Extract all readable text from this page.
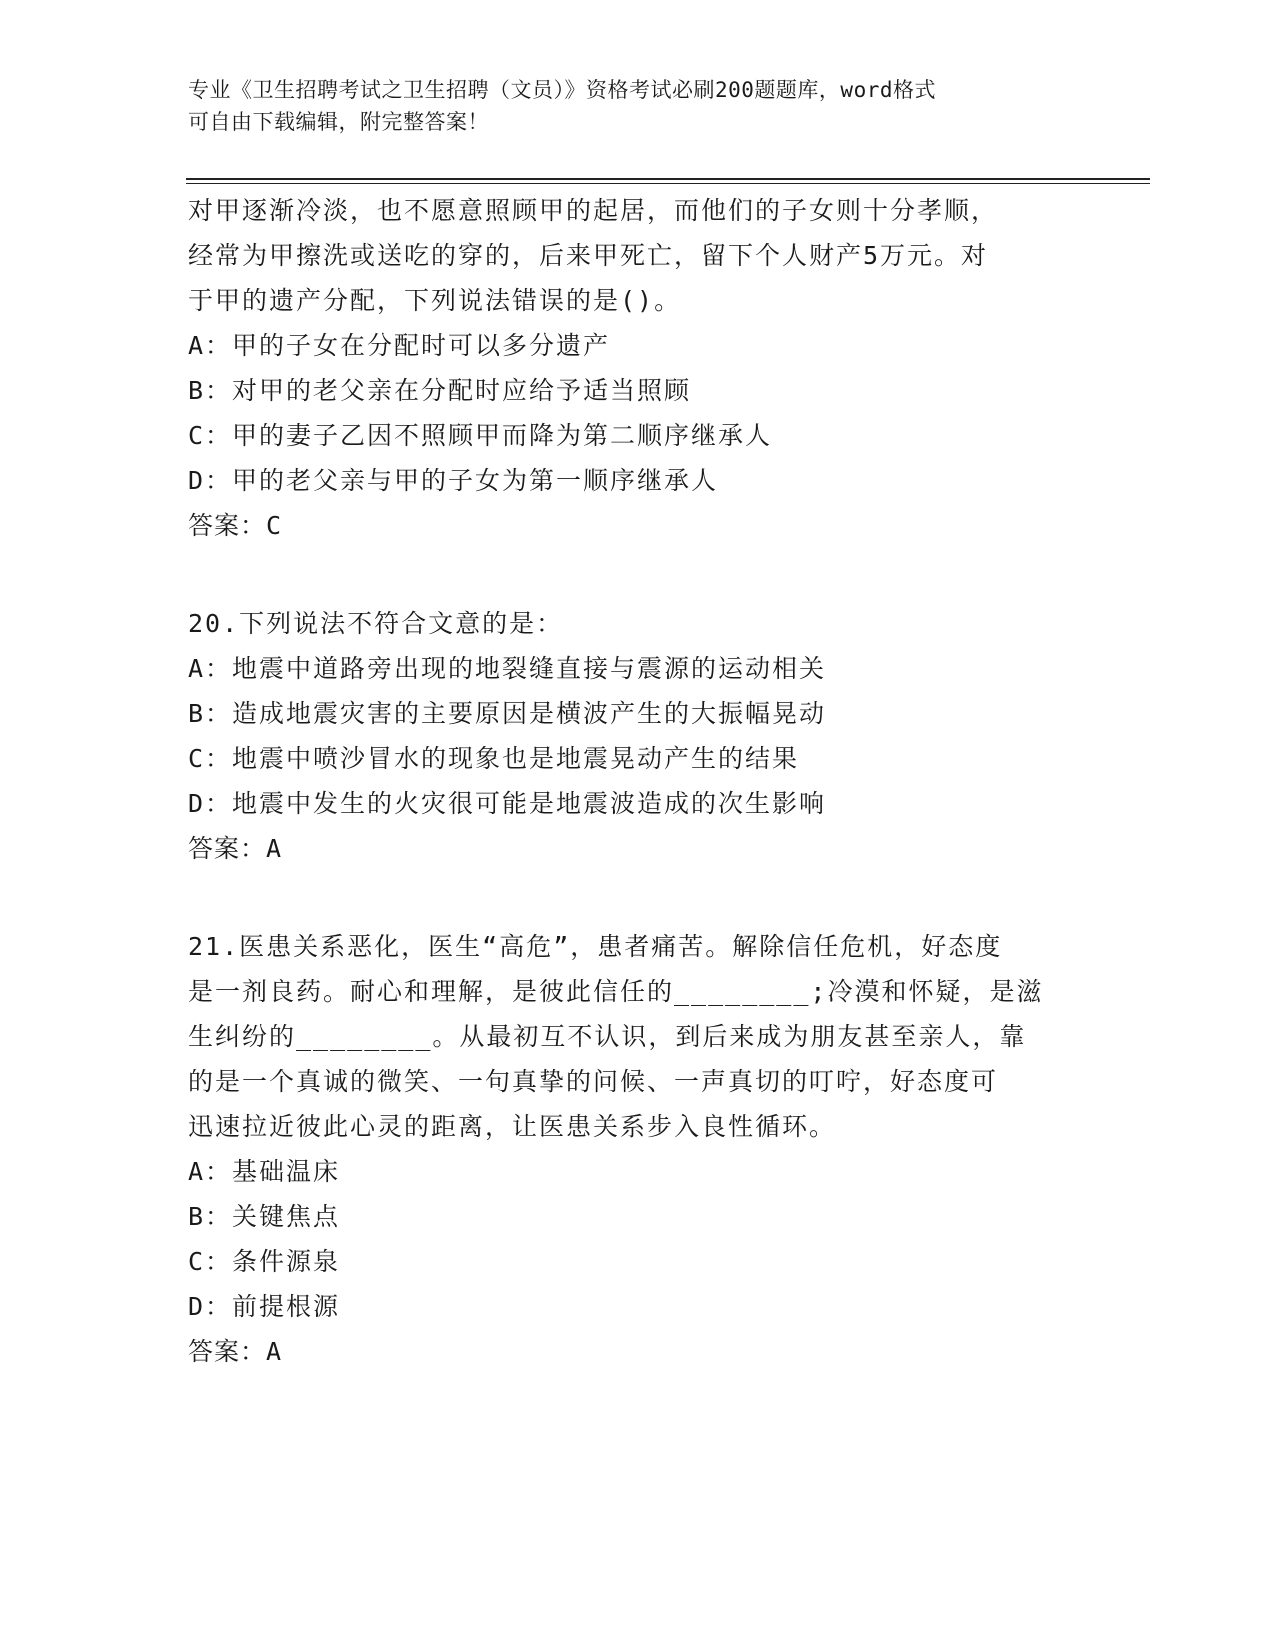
专业《卫生招聘考试之卫生招聘（文员）》资格考试必刷200题题库，word格式
可自由下载编辑，附完整答案！
对甲逐渐冷淡，也不愿意照顾甲的起居，而他们的子女则十分孝顺，
经常为甲擦洗或送吃的穿的，后来甲死亡，留下个人财产5万元。对
于甲的遗产分配，下列说法错误的是()。
A：甲的子女在分配时可以多分遗产
B：对甲的老父亲在分配时应给予适当照顾
C：甲的妻子乙因不照顾甲而降为第二顺序继承人
D：甲的老父亲与甲的子女为第一顺序继承人
答案：C
20.下列说法不符合文意的是：
A：地震中道路旁出现的地裂缝直接与震源的运动相关
B：造成地震灾害的主要原因是横波产生的大振幅晃动
C：地震中喷沙冒水的现象也是地震晃动产生的结果
D：地震中发生的火灾很可能是地震波造成的次生影响
答案：A
21.医患关系恶化，医生“高危”，患者痛苦。解除信任危机，好态度
是一剂良药。耐心和理解，是彼此信任的________;冷漠和怀疑，是滋
生纠纷的________。从最初互不认识，到后来成为朋友甚至亲人，靠
的是一个真诚的微笑、一句真挚的问候、一声真切的叮咛，好态度可
迅速拉近彼此心灵的距离，让医患关系步入良性循环。
A：基础温床
B：关键焦点
C：条件源泉
D：前提根源
答案：A
